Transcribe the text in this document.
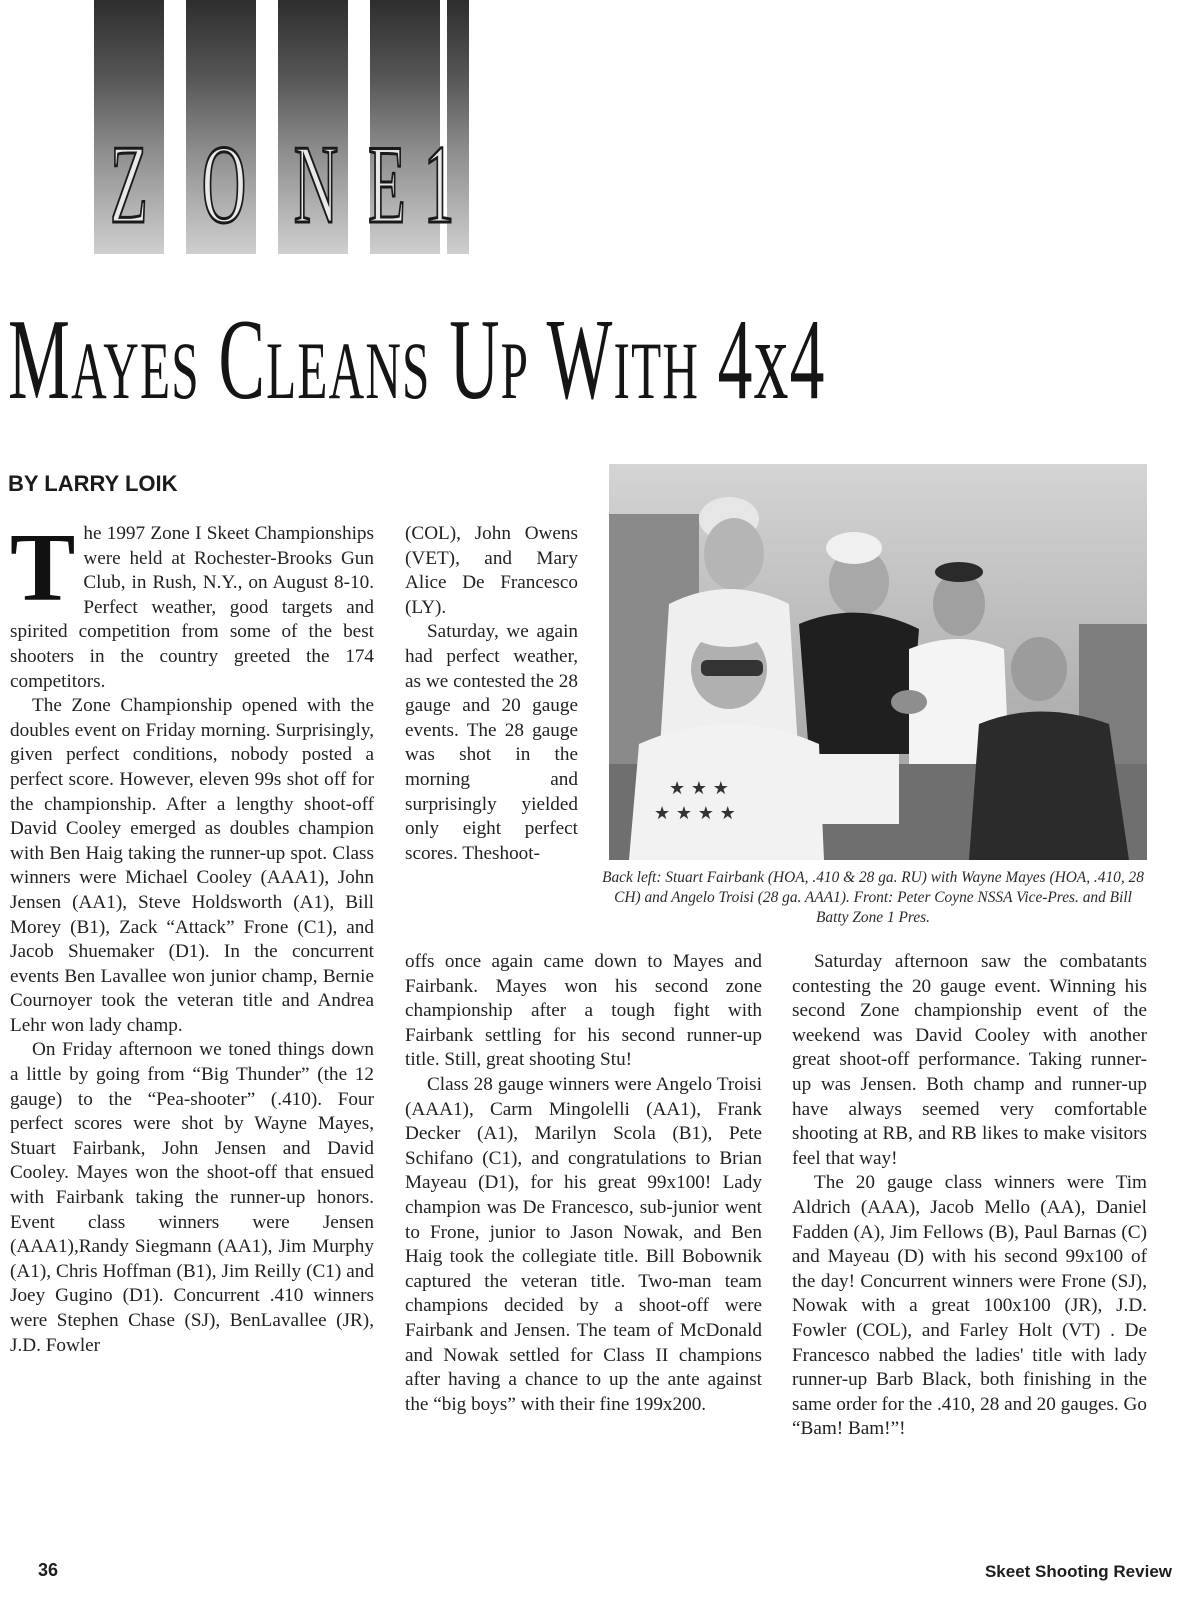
Z O N E 1
MAYES CLEANS UP WITH 4x4
BY LARRY LOIK

The 1997 Zone I Skeet Championships were held at Rochester-Brooks Gun Club, in Rush, N.Y., on August 8-10. Perfect weather, good targets and spirited competition from some of the best shooters in the country greeted the 174 competitors.

The Zone Championship opened with the doubles event on Friday morning. Surprisingly, given perfect conditions, nobody posted a perfect score. However, eleven 99s shot off for the championship. After a lengthy shoot-off David Cooley emerged as doubles champion with Ben Haig taking the runner-up spot. Class winners were Michael Cooley (AAA1), John Jensen (AA1), Steve Holdsworth (A1), Bill Morey (B1), Zack “Attack” Frone (C1), and Jacob Shuemaker (D1). In the concurrent events Ben Lavallee won junior champ, Bernie Cournoyer took the veteran title and Andrea Lehr won lady champ.

On Friday afternoon we toned things down a little by going from “Big Thunder” (the 12 gauge) to the “Pea-shooter” (.410). Four perfect scores were shot by Wayne Mayes, Stuart Fairbank, John Jensen and David Cooley. Mayes won the shoot-off that ensued with Fairbank taking the runner-up honors. Event class winners were Jensen (AAA1),Randy Siegmann (AA1), Jim Murphy (A1), Chris Hoffman (B1), Jim Reilly (C1) and Joey Gugino (D1). Concurrent .410 winners were Stephen Chase (SJ), BenLavallee (JR), J.D. Fowler

(COL), John Owens (VET), and Mary Alice De Francesco (LY).

Saturday, we again had perfect weather, as we contested the 28 gauge and 20 gauge events. The 28 gauge was shot in the morning and surprisingly yielded only eight perfect scores. Theshoot-

offs once again came down to Mayes and Fairbank. Mayes won his second zone championship after a tough fight with Fairbank settling for his second runner-up title. Still, great shooting Stu!

Class 28 gauge winners were Angelo Troisi (AAA1), Carm Mingolelli (AA1), Frank Decker (A1), Marilyn Scola (B1), Pete Schifano (C1), and congratulations to Brian Mayeau (D1), for his great 99x100! Lady champion was De Francesco, sub-junior went to Frone, junior to Jason Nowak, and Ben Haig took the collegiate title. Bill Bobownik captured the veteran title. Two-man team champions decided by a shoot-off were Fairbank and Jensen. The team of McDonald and Nowak settled for Class II champions after having a chance to up the ante against the “big boys” with their fine 199x200.

Saturday afternoon saw the combatants contesting the 20 gauge event. Winning his second Zone championship event of the weekend was David Cooley with another great shoot-off performance. Taking runner-up was Jensen. Both champ and runner-up have always seemed very comfortable shooting at RB, and RB likes to make visitors feel that way!

The 20 gauge class winners were Tim Aldrich (AAA), Jacob Mello (AA), Daniel Fadden (A), Jim Fellows (B), Paul Barnas (C) and Mayeau (D) with his second 99x100 of the day! Concurrent winners were Frone (SJ), Nowak with a great 100x100 (JR), J.D. Fowler (COL), and Farley Holt (VT) . De Francesco nabbed the ladies' title with lady runner-up Barb Black, both finishing in the same order for the .410, 28 and 20 gauges. Go “Bam! Bam!”!

★ ★ ★
★ ★ ★ ★
Back left: Stuart Fairbank (HOA, .410 & 28 ga. RU) with Wayne Mayes (HOA, .410, 28 CH) and Angelo Troisi (28 ga. AAA1). Front: Peter Coyne NSSA Vice-Pres. and Bill Batty Zone 1 Pres.
36	Skeet Shooting Review
